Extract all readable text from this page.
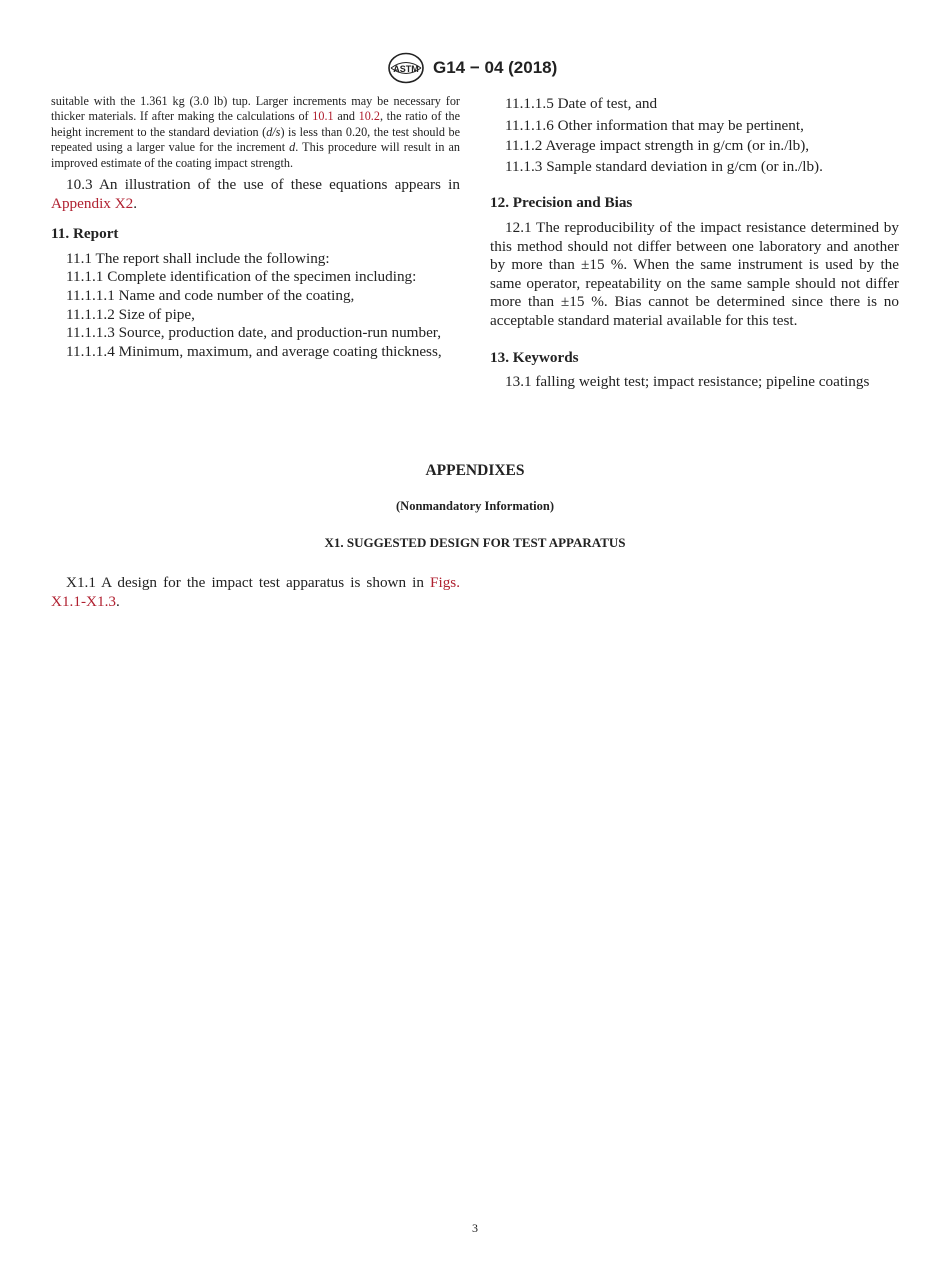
ASTM G14 − 04 (2018)

suitable with the 1.361 kg (3.0 lb) tup. Larger increments may be necessary for thicker materials. If after making the calculations of 10.1 and 10.2, the ratio of the height increment to the standard deviation (d/s) is less than 0.20, the test should be repeated using a larger value for the increment d. This procedure will result in an improved estimate of the coating impact strength.

10.3 An illustration of the use of these equations appears in Appendix X2.

11. Report

11.1 The report shall include the following:

11.1.1 Complete identification of the specimen including:

11.1.1.1 Name and code number of the coating,

11.1.1.2 Size of pipe,

11.1.1.3 Source, production date, and production-run number,

11.1.1.4 Minimum, maximum, and average coating thickness,

11.1.1.5 Date of test, and

11.1.1.6 Other information that may be pertinent,

11.1.2 Average impact strength in g/cm (or in./lb),

11.1.3 Sample standard deviation in g/cm (or in./lb).

12. Precision and Bias

12.1 The reproducibility of the impact resistance determined by this method should not differ between one laboratory and another by more than ±15 %. When the same instrument is used by the same operator, repeatability on the same sample should not differ more than ±15 %. Bias cannot be determined since there is no acceptable standard material available for this test.

13. Keywords

13.1 falling weight test; impact resistance; pipeline coatings

APPENDIXES
(Nonmandatory Information)
X1. SUGGESTED DESIGN FOR TEST APPARATUS

X1.1 A design for the impact test apparatus is shown in Figs. X1.1-X1.3.

3
